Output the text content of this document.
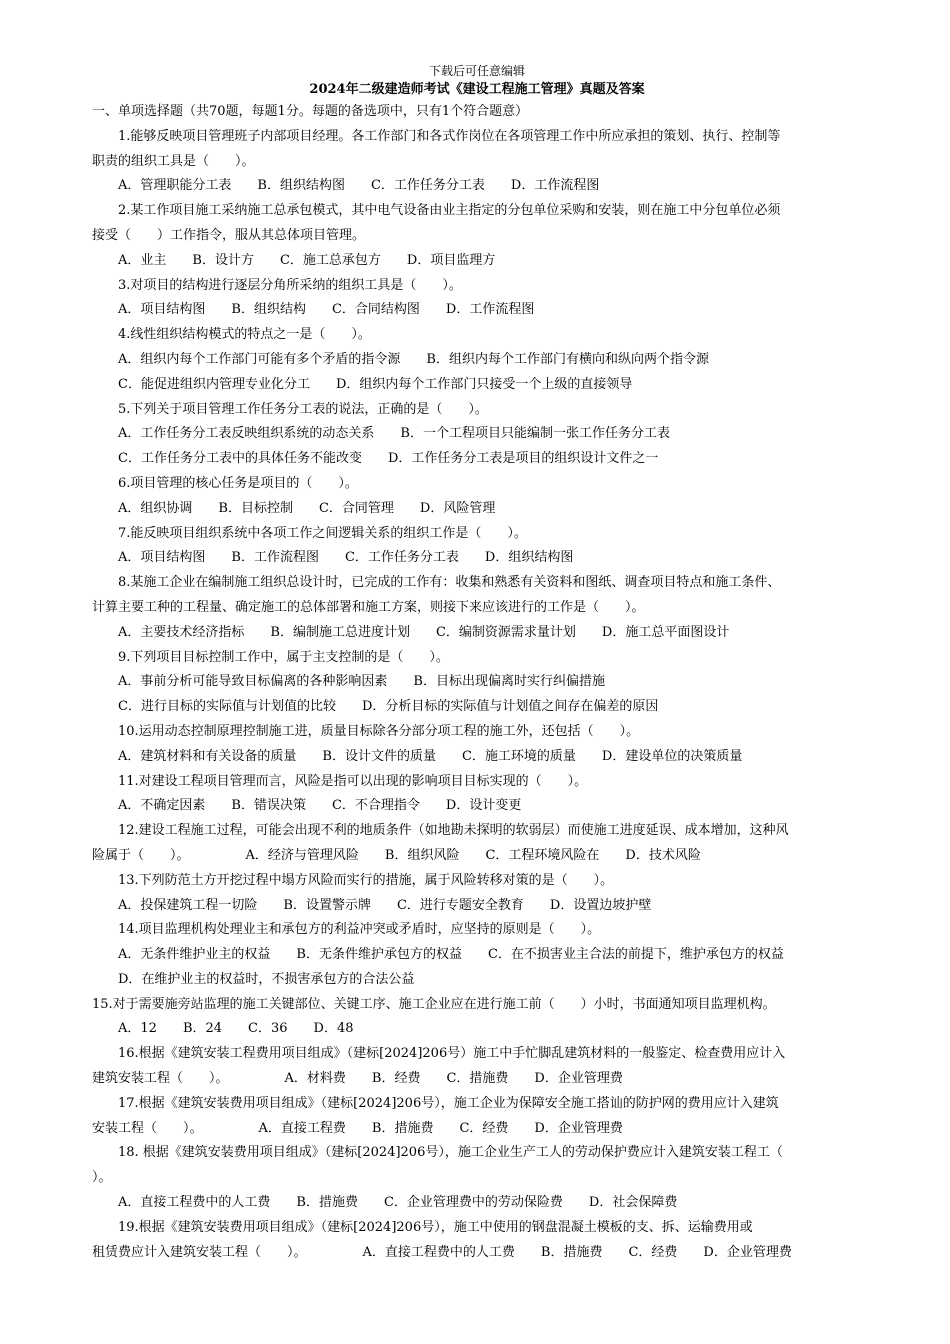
下载后可任意编辑
2024年二级建造师考试《建设工程施工管理》真题及答案
一、单项选择题（共70题，每题1分。每题的备选项中，只有1个符合题意）
1.能够反映项目管理班子内部项目经理。各工作部门和各式作岗位在各项管理工作中所应承担的策划、执行、控制等
职责的组织工具是（　　）。
A．管理职能分工表 B．组织结构图 C．工作任务分工表 D．工作流程图
2.某工作项目施工采纳施工总承包模式，其中电气设备由业主指定的分包单位采购和安装，则在施工中分包单位必须
接受（　　）工作指令，服从其总体项目管理。
A．业主 B．设计方 C．施工总承包方 D．项目监理方
3.对项目的结构进行逐层分角所采纳的组织工具是（　　）。
A．项目结构图 B．组织结构 C．合同结构图 D．工作流程图
4.线性组织结构模式的特点之一是（　　）。
A．组织内每个工作部门可能有多个矛盾的指令源 B．组织内每个工作部门有横向和纵向两个指令源
C．能促进组织内管理专业化分工 D．组织内每个工作部门只接受一个上级的直接领导
5.下列关于项目管理工作任务分工表的说法，正确的是（　　）。
A．工作任务分工表反映组织系统的动态关系 B．一个工程项目只能编制一张工作任务分工表
C．工作任务分工表中的具体任务不能改变 D．工作任务分工表是项目的组织设计文件之一
6.项目管理的核心任务是项目的（　　）。
A．组织协调 B．目标控制 C．合同管理 D．风险管理
7.能反映项目组织系统中各项工作之间逻辑关系的组织工作是（　　）。
A．项目结构图 B．工作流程图 C．工作任务分工表 D．组织结构图
8.某施工企业在编制施工组织总设计时，已完成的工作有：收集和熟悉有关资料和图纸、调查项目特点和施工条件、
计算主要工种的工程量、确定施工的总体部署和施工方案，则接下来应该进行的工作是（　　）。
A．主要技术经济指标 B．编制施工总进度计划 C．编制资源需求量计划 D．施工总平面图设计
9.下列项目目标控制工作中，属于主支控制的是（　　）。
A．事前分析可能导致目标偏离的各种影响因素 B．目标出现偏离时实行纠偏措施
C．进行目标的实际值与计划值的比较 D．分析目标的实际值与计划值之间存在偏差的原因
10.运用动态控制原理控制施工进，质量目标除各分部分项工程的施工外，还包括（　　）。
A．建筑材料和有关设备的质量 B．设计文件的质量 C．施工环境的质量 D．建设单位的决策质量
11.对建设工程项目管理而言，风险是指可以出现的影响项目目标实现的（　　）。
A．不确定因素 B．错误决策 C．不合理指令 D．设计变更
12.建设工程施工过程，可能会出现不利的地质条件（如地勘未探明的软弱层）而使施工进度延误、成本增加，这种风
险属于（　　）。	A．经济与管理风险 B．组织风险 C．工程环境风险在 D．技术风险
13.下列防范土方开挖过程中塌方风险而实行的措施，属于风险转移对策的是（　　）。
A．投保建筑工程一切险 B．设置警示牌 C．进行专题安全教育 D．设置边坡护壁
14.项目监理机构处理业主和承包方的利益冲突或矛盾时，应坚持的原则是（　　）。
A．无条件维护业主的权益 B．无条件维护承包方的权益 C．在不损害业主合法的前提下，维护承包方的权益
D．在维护业主的权益时，不损害承包方的合法公益
15.对于需要施旁站监理的施工关键部位、关键工序、施工企业应在进行施工前（　　）小时，书面通知项目监理机构。
A．12 B．24 C．36 D．48
16.根据《建筑安装工程费用项目组成》（建标[2024]206号）施工中手忙脚乱建筑材料的一般鉴定、检查费用应计入
建筑安装工程（　　）。	A．材料费 B．经费 C．措施费 D．企业管理费
17.根据《建筑安装费用项目组成》（建标[2024]206号），施工企业为保障安全施工搭讪的防护网的费用应计入建筑
安装工程（　　）。	A．直接工程费 B．措施费 C．经费 D．企业管理费
18. 根据《建筑安装费用项目组成》（建标[2024]206号），施工企业生产工人的劳动保护费应计入建筑安装工程工（
）。
A．直接工程费中的人工费 B．措施费 C．企业管理费中的劳动保险费 D．社会保障费
19.根据《建筑安装费用项目组成》（建标[2024]206号），施工中使用的钢盘混凝土模板的支、拆、运输费用或
租赁费应计入建筑安装工程（　　）。	A．直接工程费中的人工费 B．措施费 C．经费 D．企业管理费
